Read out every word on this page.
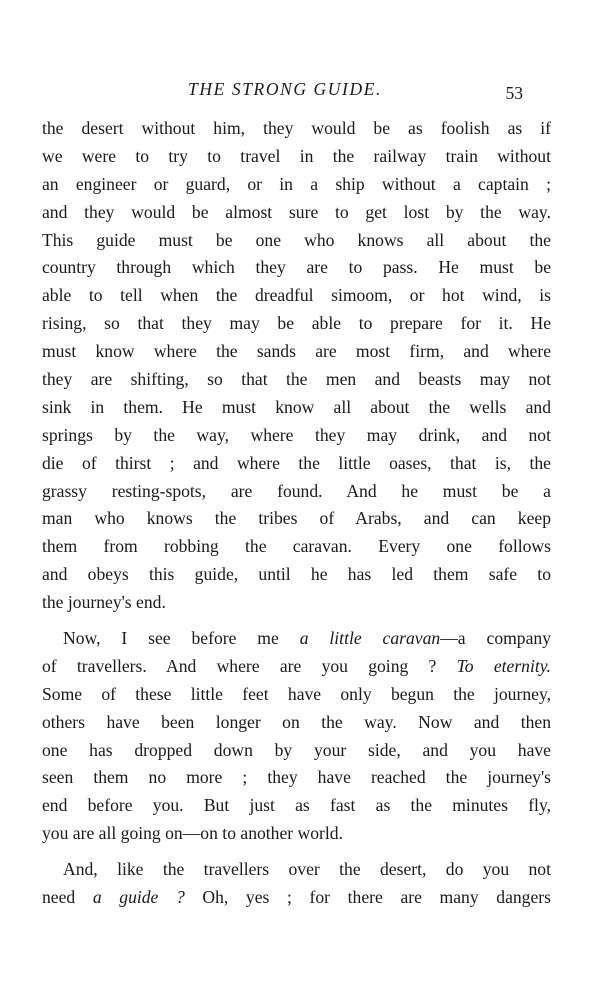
THE STRONG GUIDE.	53
the desert without him, they would be as foolish as if
we were to try to travel in the railway train without
an engineer or guard, or in a ship without a captain ;
and they would be almost sure to get lost by the way.
This guide must be one who knows all about the
country through which they are to pass. He must be
able to tell when the dreadful simoom, or hot wind, is
rising, so that they may be able to prepare for it. He
must know where the sands are most firm, and where
they are shifting, so that the men and beasts may not
sink in them. He must know all about the wells and
springs by the way, where they may drink, and not
die of thirst ; and where the little oases, that is, the
grassy resting-spots, are found. And he must be a
man who knows the tribes of Arabs, and can keep
them from robbing the caravan. Every one follows
and obeys this guide, until he has led them safe to
the journey's end.
Now, I see before me a little caravan—a company
of travellers. And where are you going ? To eternity.
Some of these little feet have only begun the journey,
others have been longer on the way. Now and then
one has dropped down by your side, and you have
seen them no more ; they have reached the journey's
end before you. But just as fast as the minutes fly,
you are all going on—on to another world.
And, like the travellers over the desert, do you not
need a guide ? Oh, yes ; for there are many dangers
